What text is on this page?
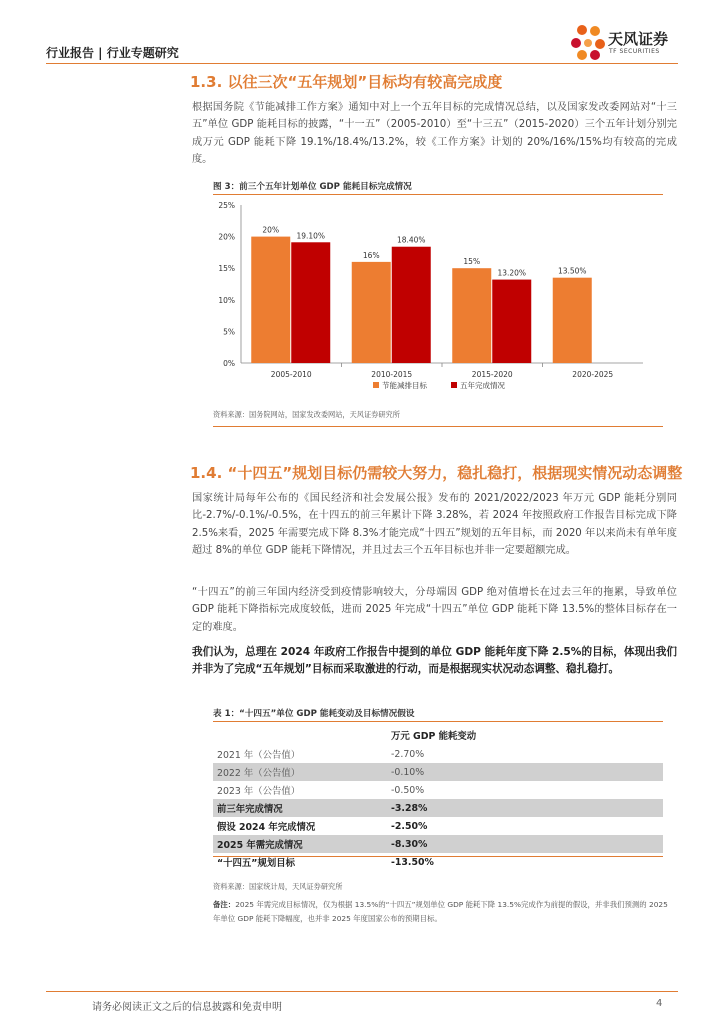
行业报告 | 行业专题研究
天风证券
TF SECURITIES
1.3. 以往三次“五年规划”目标均有较高完成度
根据国务院《节能减排工作方案》通知中对上一个五年目标的完成情况总结，以及国家发改委网站对“十三五”单位 GDP 能耗目标的披露，“十一五”（2005-2010）至“十三五”（2015-2020）三个五年计划分别完成万元 GDP 能耗下降 19.1%/18.4%/13.2%，较《工作方案》计划的 20%/16%/15%均有较高的完成度。
图 3：前三个五年计划单位 GDP 能耗目标完成情况
0%
5%
10%
15%
20%
25%
2005-2010	2010-2015	2015-2020	2020-2025
20%
19.10%
16%
18.40%
15%
13.20%	13.50%
节能减排目标	五年完成情况
资料来源：国务院网站，国家发改委网站，天风证券研究所
1.4. “十四五”规划目标仍需较大努力，稳扎稳打，根据现实情况动态调整
国家统计局每年公布的《国民经济和社会发展公报》发布的 2021/2022/2023 年万元 GDP 能耗分别同比-2.7%/-0.1%/-0.5%，在十四五的前三年累计下降 3.28%，若 2024 年按照政府工作报告目标完成下降 2.5%来看，2025 年需要完成下降 8.3%才能完成“十四五”规划的五年目标，而 2020 年以来尚未有单年度超过 8%的单位 GDP 能耗下降情况，并且过去三个五年目标也并非一定要超额完成。
“十四五”的前三年国内经济受到疫情影响较大，分母端因 GDP 绝对值增长在过去三年的拖累，导致单位 GDP 能耗下降指标完成度较低，进而 2025 年完成“十四五”单位 GDP 能耗下降 13.5%的整体目标存在一定的难度。
我们认为，总理在 2024 年政府工作报告中提到的单位 GDP 能耗年度下降 2.5%的目标，体现出我们并非为了完成“五年规划”目标而采取激进的行动，而是根据现实状况动态调整、稳扎稳打。
表 1：“十四五”单位 GDP 能耗变动及目标情况假设
	万元 GDP 能耗变动
2021 年（公告值）	-2.70%
2022 年（公告值）	-0.10%
2023 年（公告值）	-0.50%
前三年完成情况	-3.28%
假设 2024 年完成情况	-2.50%
2025 年需完成情况	-8.30%
“十四五”规划目标	-13.50%
资料来源：国家统计局，天风证券研究所
备注：2025 年需完成目标情况，仅为根据 13.5%的“十四五”规划单位 GDP 能耗下降 13.5%完成作为前提的假设，并非我们预测的 2025 年单位 GDP 能耗下降幅度，也并非 2025 年度国家公布的预期目标。
请务必阅读正文之后的信息披露和免责申明	4
